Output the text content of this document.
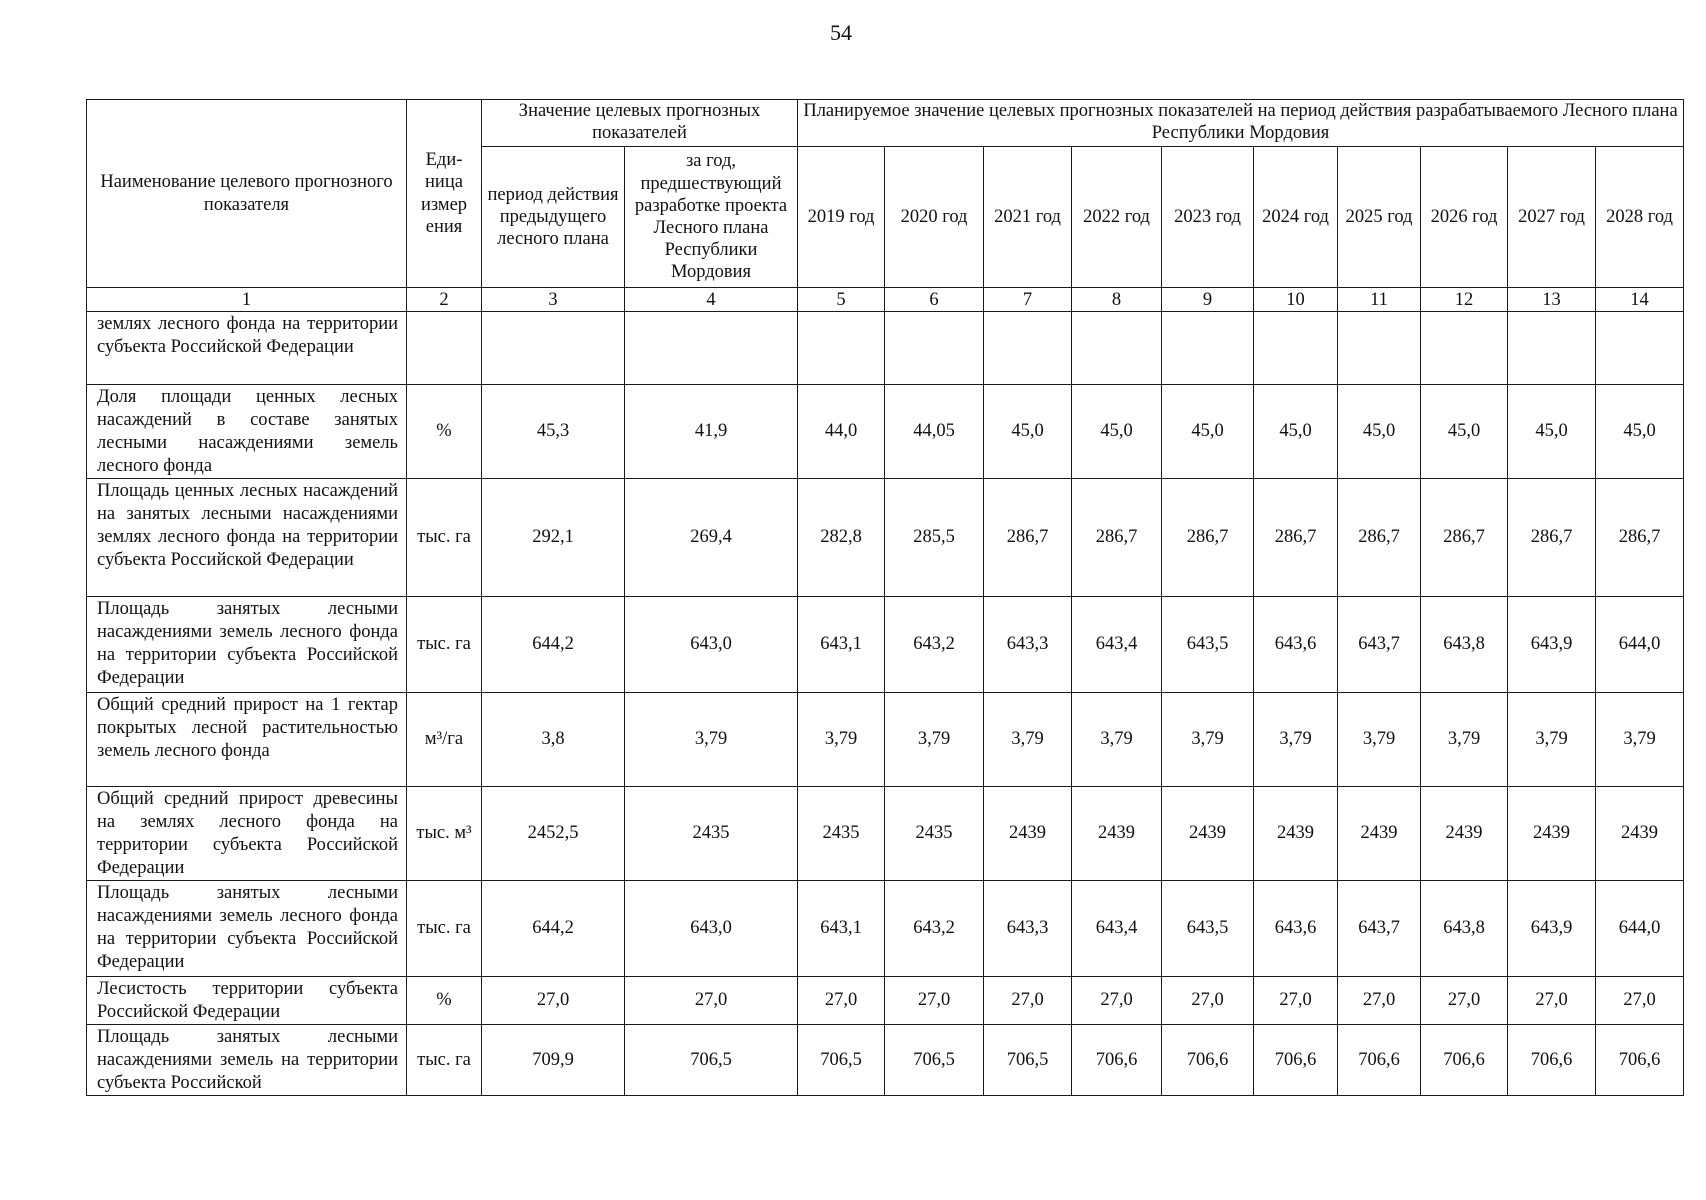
54
Наименование целевого прогнозного показателя	Еди-ница измер ения	Значение целевых прогнозных показателей		Планируемое значение целевых прогнозных показателей на период действия разрабатываемого Лесного плана Республики Мордовия									
		период действия предыдущего лесного плана	за год, предшествующий разработке проекта Лесного плана Республики Мордовия	2019 год	2020 год	2021 год	2022 год	2023 год	2024 год	2025 год	2026 год	2027 год	2028 год
1	2	3	4	5	6	7	8	9	10	11	12	13	14
землях лесного фонда на территории субъекта Российской Федерации													
Доля площади ценных лесных насаждений в составе занятых лесными насаждениями земель лесного фонда	%	45,3	41,9	44,0	44,05	45,0	45,0	45,0	45,0	45,0	45,0	45,0	45,0
Площадь ценных лесных насаждений на занятых лесными насаждениями землях лесного фонда на территории субъекта Российской Федерации	тыс. га	292,1	269,4	282,8	285,5	286,7	286,7	286,7	286,7	286,7	286,7	286,7	286,7
Площадь занятых лесными насаждениями земель лесного фонда на территории субъекта Российской Федерации	тыс. га	644,2	643,0	643,1	643,2	643,3	643,4	643,5	643,6	643,7	643,8	643,9	644,0
Общий средний прирост на 1 гектар покрытых лесной растительностью земель лесного фонда	м³/га	3,8	3,79	3,79	3,79	3,79	3,79	3,79	3,79	3,79	3,79	3,79	3,79
Общий средний прирост древесины на землях лесного фонда на территории субъекта Российской Федерации	тыс. м³	2452,5	2435	2435	2435	2439	2439	2439	2439	2439	2439	2439	2439
Площадь занятых лесными насаждениями земель лесного фонда на территории субъекта Российской Федерации	тыс. га	644,2	643,0	643,1	643,2	643,3	643,4	643,5	643,6	643,7	643,8	643,9	644,0
Лесистость территории субъекта Российской Федерации	%	27,0	27,0	27,0	27,0	27,0	27,0	27,0	27,0	27,0	27,0	27,0	27,0
Площадь занятых лесными насаждениями земель на территории субъекта Российской	тыс. га	709,9	706,5	706,5	706,5	706,5	706,6	706,6	706,6	706,6	706,6	706,6	706,6
